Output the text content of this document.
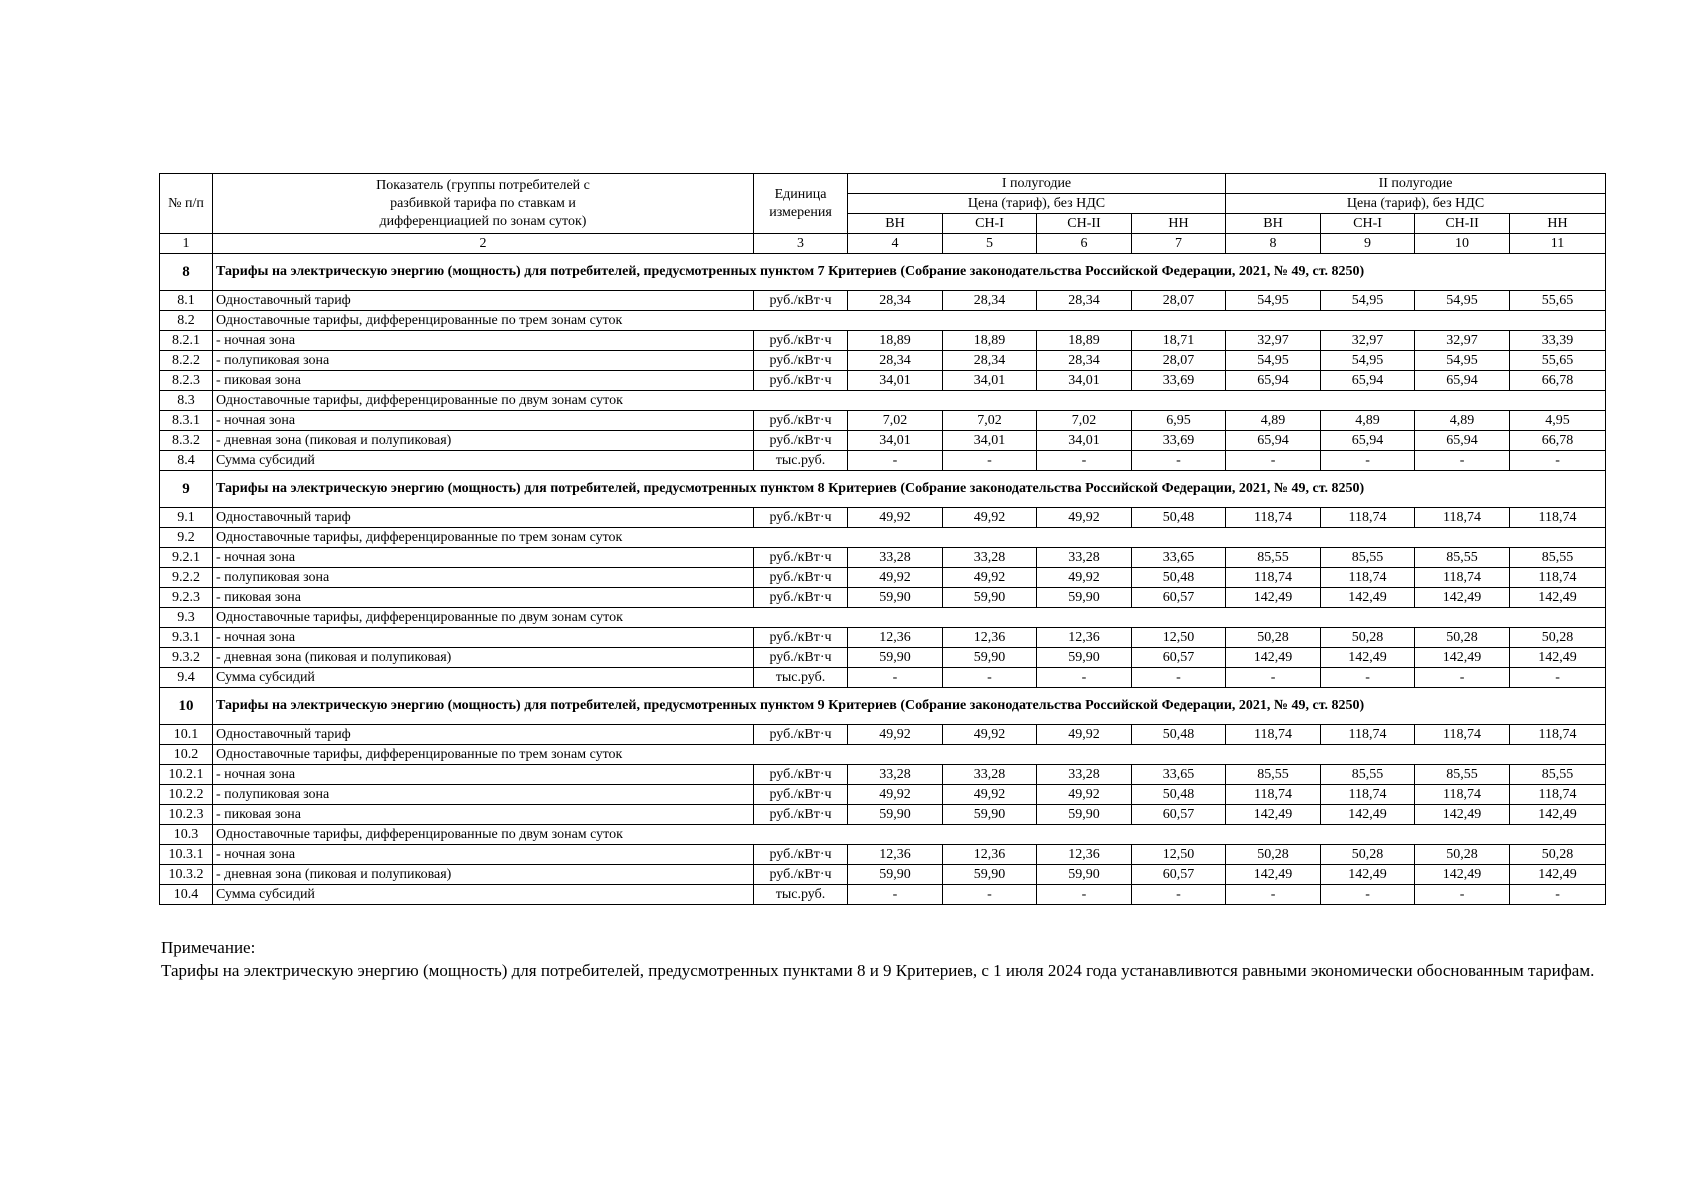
№ п/п	Показатель (группы потребителей с разбивкой тарифа по ставкам и дифференциацией по зонам суток)	Единица измерения	I полугодие				II полугодие			
			Цена (тариф), без НДС				Цена (тариф), без НДС			
			ВН	СН-I	СН-II	НН	ВН	СН-I	СН-II	НН
1	2	3	4	5	6	7	8	9	10	11
8	Тарифы на электрическую энергию (мощность) для потребителей, предусмотренных пунктом 7 Критериев (Собрание законодательства Российской Федерации, 2021, № 49, ст. 8250)									
8.1	Одноставочный тариф	руб./кВт·ч	28,34	28,34	28,34	28,07	54,95	54,95	54,95	55,65
8.2	Одноставочные тарифы, дифференцированные по трем зонам суток									
8.2.1	- ночная зона	руб./кВт·ч	18,89	18,89	18,89	18,71	32,97	32,97	32,97	33,39
8.2.2	- полупиковая зона	руб./кВт·ч	28,34	28,34	28,34	28,07	54,95	54,95	54,95	55,65
8.2.3	- пиковая зона	руб./кВт·ч	34,01	34,01	34,01	33,69	65,94	65,94	65,94	66,78
8.3	Одноставочные тарифы, дифференцированные по двум зонам суток									
8.3.1	- ночная зона	руб./кВт·ч	7,02	7,02	7,02	6,95	4,89	4,89	4,89	4,95
8.3.2	- дневная зона (пиковая и полупиковая)	руб./кВт·ч	34,01	34,01	34,01	33,69	65,94	65,94	65,94	66,78
8.4	Сумма субсидий	тыс.руб.	-	-	-	-	-	-	-	-
9	Тарифы на электрическую энергию (мощность) для потребителей, предусмотренных пунктом 8 Критериев (Собрание законодательства Российской Федерации, 2021, № 49, ст. 8250)									
9.1	Одноставочный тариф	руб./кВт·ч	49,92	49,92	49,92	50,48	118,74	118,74	118,74	118,74
9.2	Одноставочные тарифы, дифференцированные по трем зонам суток									
9.2.1	- ночная зона	руб./кВт·ч	33,28	33,28	33,28	33,65	85,55	85,55	85,55	85,55
9.2.2	- полупиковая зона	руб./кВт·ч	49,92	49,92	49,92	50,48	118,74	118,74	118,74	118,74
9.2.3	- пиковая зона	руб./кВт·ч	59,90	59,90	59,90	60,57	142,49	142,49	142,49	142,49
9.3	Одноставочные тарифы, дифференцированные по двум зонам суток									
9.3.1	- ночная зона	руб./кВт·ч	12,36	12,36	12,36	12,50	50,28	50,28	50,28	50,28
9.3.2	- дневная зона (пиковая и полупиковая)	руб./кВт·ч	59,90	59,90	59,90	60,57	142,49	142,49	142,49	142,49
9.4	Сумма субсидий	тыс.руб.	-	-	-	-	-	-	-	-
10	Тарифы на электрическую энергию (мощность) для потребителей, предусмотренных пунктом 9 Критериев (Собрание законодательства Российской Федерации, 2021, № 49, ст. 8250)									
10.1	Одноставочный тариф	руб./кВт·ч	49,92	49,92	49,92	50,48	118,74	118,74	118,74	118,74
10.2	Одноставочные тарифы, дифференцированные по трем зонам суток									
10.2.1	- ночная зона	руб./кВт·ч	33,28	33,28	33,28	33,65	85,55	85,55	85,55	85,55
10.2.2	- полупиковая зона	руб./кВт·ч	49,92	49,92	49,92	50,48	118,74	118,74	118,74	118,74
10.2.3	- пиковая зона	руб./кВт·ч	59,90	59,90	59,90	60,57	142,49	142,49	142,49	142,49
10.3	Одноставочные тарифы, дифференцированные по двум зонам суток									
10.3.1	- ночная зона	руб./кВт·ч	12,36	12,36	12,36	12,50	50,28	50,28	50,28	50,28
10.3.2	- дневная зона (пиковая и полупиковая)	руб./кВт·ч	59,90	59,90	59,90	60,57	142,49	142,49	142,49	142,49
10.4	Сумма субсидий	тыс.руб.	-	-	-	-	-	-	-	-

Примечание:

Тарифы на электрическую энергию (мощность) для потребителей, предусмотренных пунктами 8 и 9 Критериев, с 1 июля 2024 года устанавливются равными экономически обоснованным тарифам.
